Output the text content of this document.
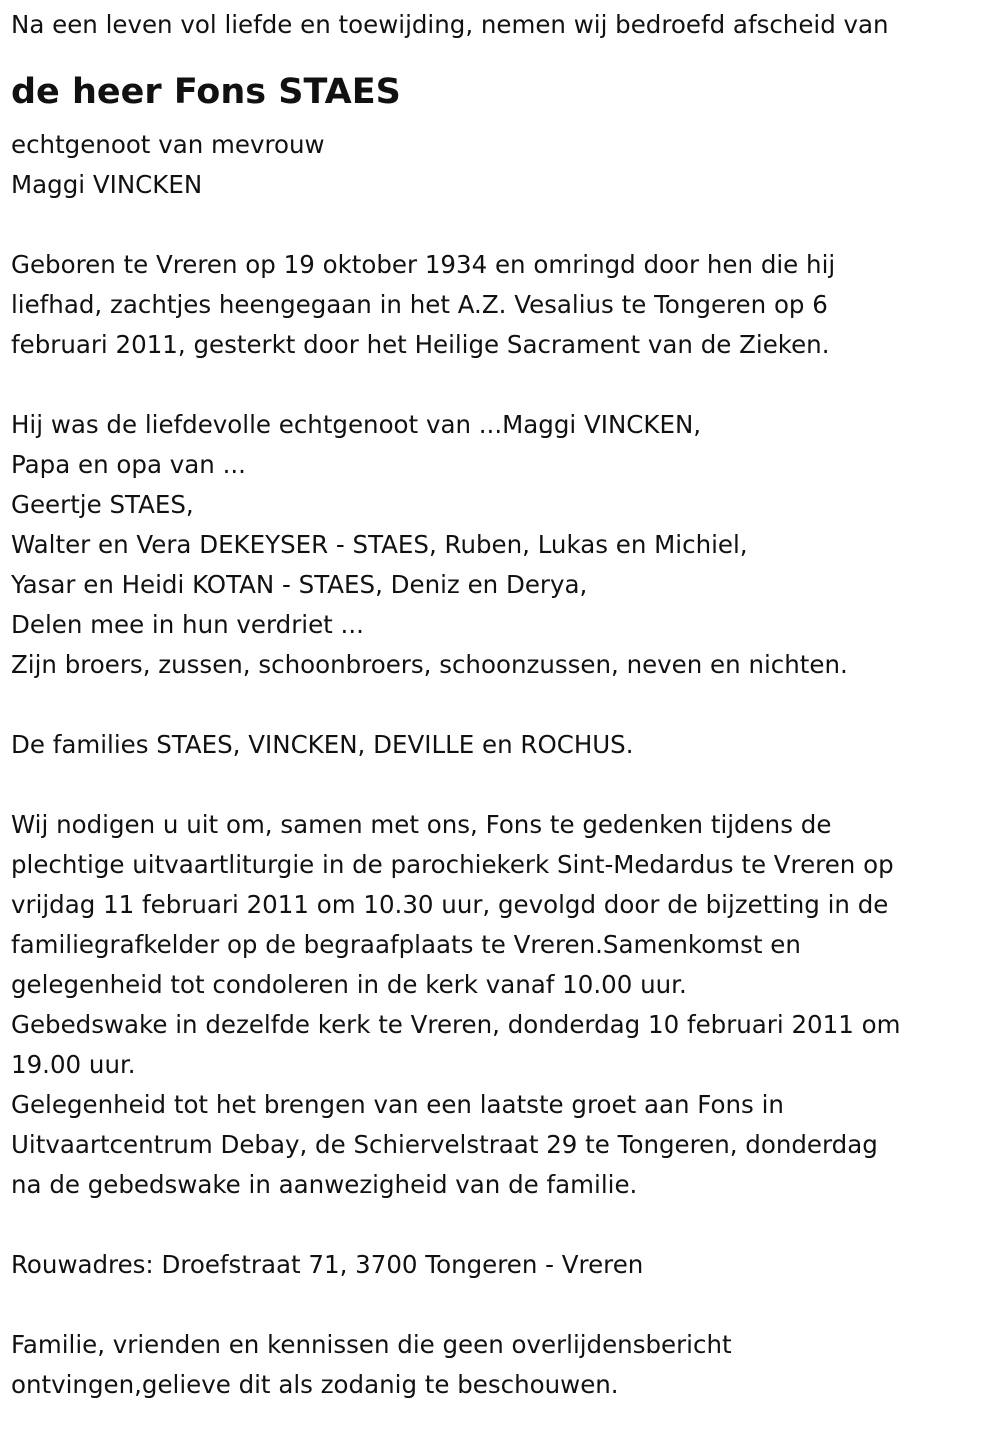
Na een leven vol liefde en toewijding, nemen wij bedroefd afscheid van
de heer Fons STAES
echtgenoot van mevrouw
Maggi VINCKEN
Geboren te Vreren op 19 oktober 1934 en omringd door hen die hij
liefhad, zachtjes heengegaan in het A.Z. Vesalius te Tongeren op 6
februari 2011, gesterkt door het Heilige Sacrament van de Zieken.
Hij was de liefdevolle echtgenoot van ...Maggi VINCKEN,
Papa en opa van ...
Geertje STAES,
Walter en Vera DEKEYSER - STAES, Ruben, Lukas en Michiel,
Yasar en Heidi KOTAN - STAES, Deniz en Derya,
Delen mee in hun verdriet ...
Zijn broers, zussen, schoonbroers, schoonzussen, neven en nichten.
De families STAES, VINCKEN, DEVILLE en ROCHUS.
Wij nodigen u uit om, samen met ons, Fons te gedenken tijdens de
plechtige uitvaartliturgie in de parochiekerk Sint-Medardus te Vreren op
vrijdag 11 februari 2011 om 10.30 uur, gevolgd door de bijzetting in de
familiegrafkelder op de begraafplaats te Vreren.Samenkomst en
gelegenheid tot condoleren in de kerk vanaf 10.00 uur.
Gebedswake in dezelfde kerk te Vreren, donderdag 10 februari 2011 om
19.00 uur.
Gelegenheid tot het brengen van een laatste groet aan Fons in
Uitvaartcentrum Debay, de Schiervelstraat 29 te Tongeren, donderdag
na de gebedswake in aanwezigheid van de familie.
Rouwadres: Droefstraat 71, 3700 Tongeren - Vreren
Familie, vrienden en kennissen die geen overlijdensbericht
ontvingen,gelieve dit als zodanig te beschouwen.
